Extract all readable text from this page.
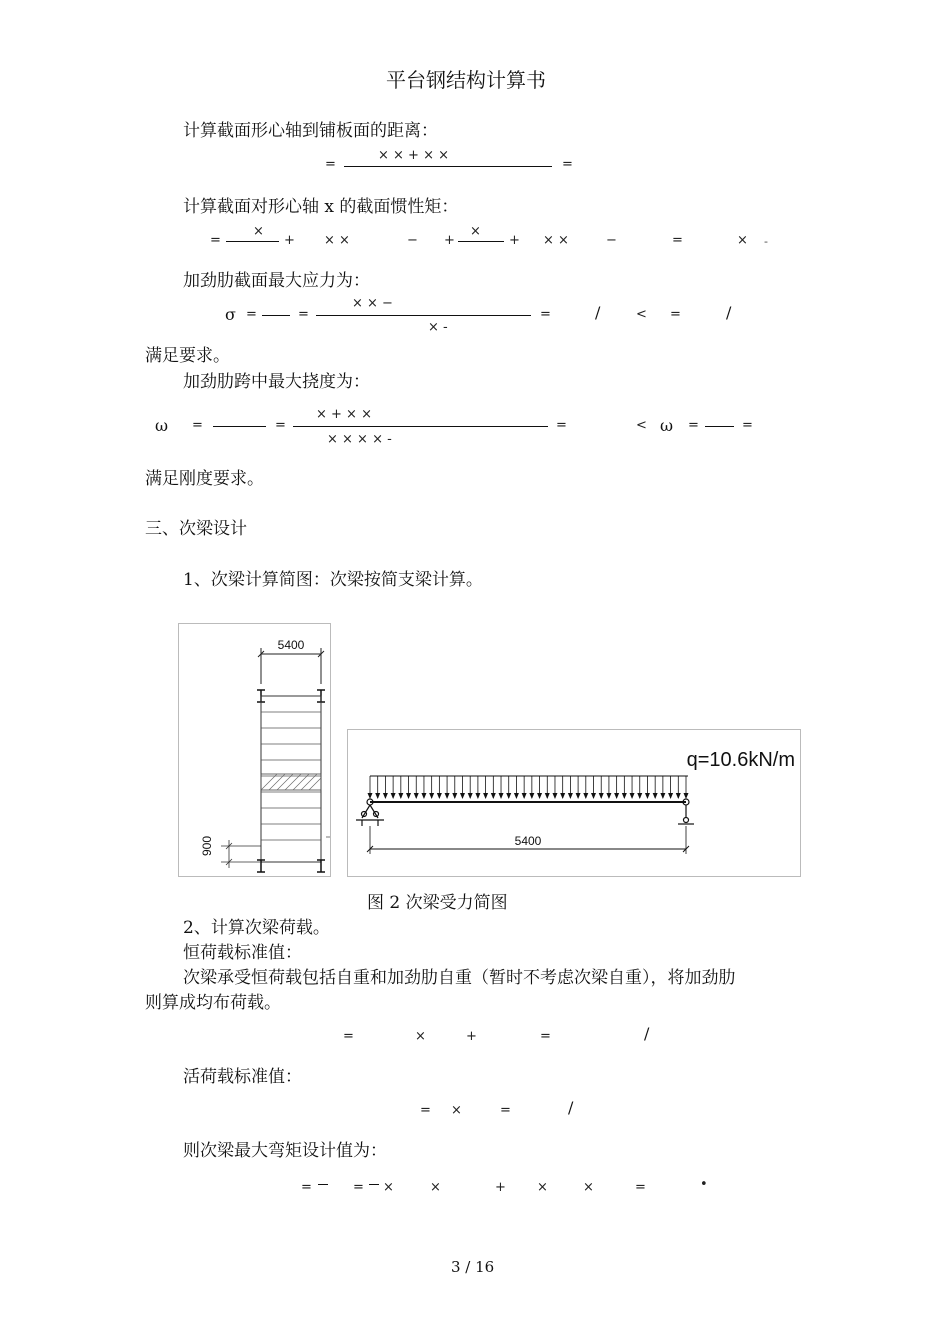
平台钢结构计算书
计算截面形心轴到铺板面的距离：
=
× × + × ×
=
计算截面对形心轴 x 的截面惯性矩：
=
×
+ × ×	− +
×
+ × ×	−	=	× -
加劲肋截面最大应力为：
σ =	=
× × −
× -
=	/	< =	/
满足要求。
加劲肋跨中最大挠度为：
ω =	=
× + × ×
× × × × -
=	< ω =	=
满足刚度要求。
三、次梁设计
1、次梁计算简图：次梁按简支梁计算。
5400
900
q=10.6kN/m
5400
图 2 次梁受力简图
2、计算次梁荷载。
恒荷载标准值：
次梁承受恒荷载包括自重和加劲肋自重（暂时不考虑次梁自重），将加劲肋
则算成均布荷载。
=	×	+	=	/
活荷载标准值：
= ×	=	/
则次梁最大弯矩设计值为：
=	= ×	×	+ ×	×	=	•
3 / 16
